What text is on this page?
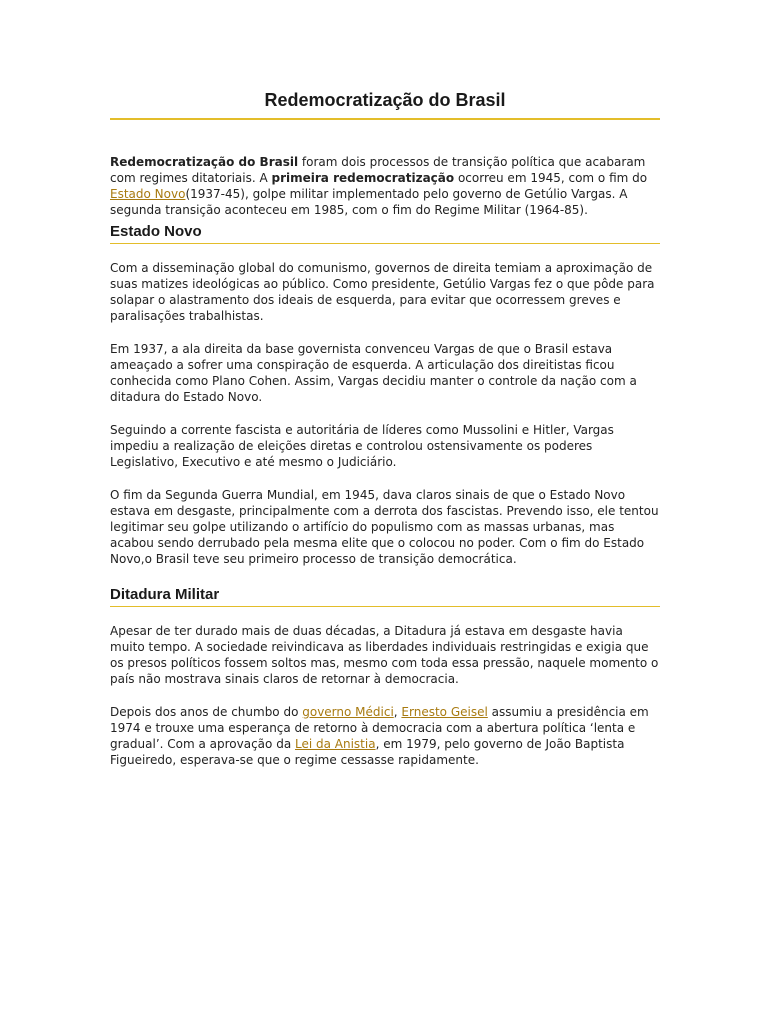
Redemocratização do Brasil

Redemocratização do Brasil foram dois processos de transição política que acabaram com regimes ditatoriais. A primeira redemocratização ocorreu em 1945, com o fim do Estado Novo(1937-45), golpe militar implementado pelo governo de Getúlio Vargas. A segunda transição aconteceu em 1985, com o fim do Regime Militar (1964-85).

Estado Novo

Com a disseminação global do comunismo, governos de direita temiam a aproximação de suas matizes ideológicas ao público. Como presidente, Getúlio Vargas fez o que pôde para solapar o alastramento dos ideais de esquerda, para evitar que ocorressem greves e paralisações trabalhistas.

Em 1937, a ala direita da base governista convenceu Vargas de que o Brasil estava ameaçado a sofrer uma conspiração de esquerda. A articulação dos direitistas ficou conhecida como Plano Cohen. Assim, Vargas decidiu manter o controle da nação com a ditadura do Estado Novo.

Seguindo a corrente fascista e autoritária de líderes como Mussolini e Hitler, Vargas impediu a realização de eleições diretas e controlou ostensivamente os poderes Legislativo, Executivo e até mesmo o Judiciário.

O fim da Segunda Guerra Mundial, em 1945, dava claros sinais de que o Estado Novo estava em desgaste, principalmente com a derrota dos fascistas. Prevendo isso, ele tentou legitimar seu golpe utilizando o artifício do populismo com as massas urbanas, mas acabou sendo derrubado pela mesma elite que o colocou no poder. Com o fim do Estado Novo,o Brasil teve seu primeiro processo de transição democrática.

Ditadura Militar

Apesar de ter durado mais de duas décadas, a Ditadura já estava em desgaste havia muito tempo. A sociedade reivindicava as liberdades individuais restringidas e exigia que os presos políticos fossem soltos mas, mesmo com toda essa pressão, naquele momento o país não mostrava sinais claros de retornar à democracia.

Depois dos anos de chumbo do governo Médici, Ernesto Geisel assumiu a presidência em 1974 e trouxe uma esperança de retorno à democracia com a abertura política ‘lenta e gradual’. Com a aprovação da Lei da Anistia, em 1979, pelo governo de João Baptista Figueiredo, esperava-se que o regime cessasse rapidamente.
